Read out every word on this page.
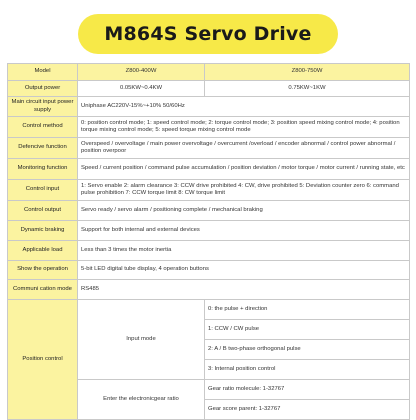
M864S Servo Drive
Model	Z800-400W	Z800-750W
Output power	0.05KW~0.4KW	0.75KW~1KW
Main circuit input power supply	Uniphase AC220V-15%~+10% 50/60Hz	
Control method	0: position control mode; 1: speed control mode; 2: torque control mode; 3: position speed mixing control mode; 4: position torque mixing control mode; 5: speed torque mixing control mode	
Defencive function	Overspeed / overvoltage / main power overvoltage / overcurrent /overload / encoder abnormal / control power abnormal / position overpoor	
Monitoring function	Speed / current position / command pulse accumulation / position deviation / motor torque / motor current / running state, etc	
Control input	1: Servo enable 2: alarm clearance 3: CCW drive prohibited 4: CW, drive prohibited 5: Deviation counter zero 6: command pulse prohibition 7: CCW torque limit 8: CW torque limit	
Control output	Servo ready / servo alarm / positioning complete / mechanical braking	
Dynamic braking	Support for both internal and external devices	
Applicable load	Less than 3 times the motor inertia	
Show the operation	5-bit LED digital tube display, 4 operation buttons	
Communi cation mode	RS485	
Position control	Input mode	0: the pulse + direction
		1: CCW / CW pulse
		2: A / B two-phase orthogonal pulse
		3: Internal position control
	Enter the electronicgear ratio	Gear ratio molecule: 1-32767
		Gear score parent: 1-32767
